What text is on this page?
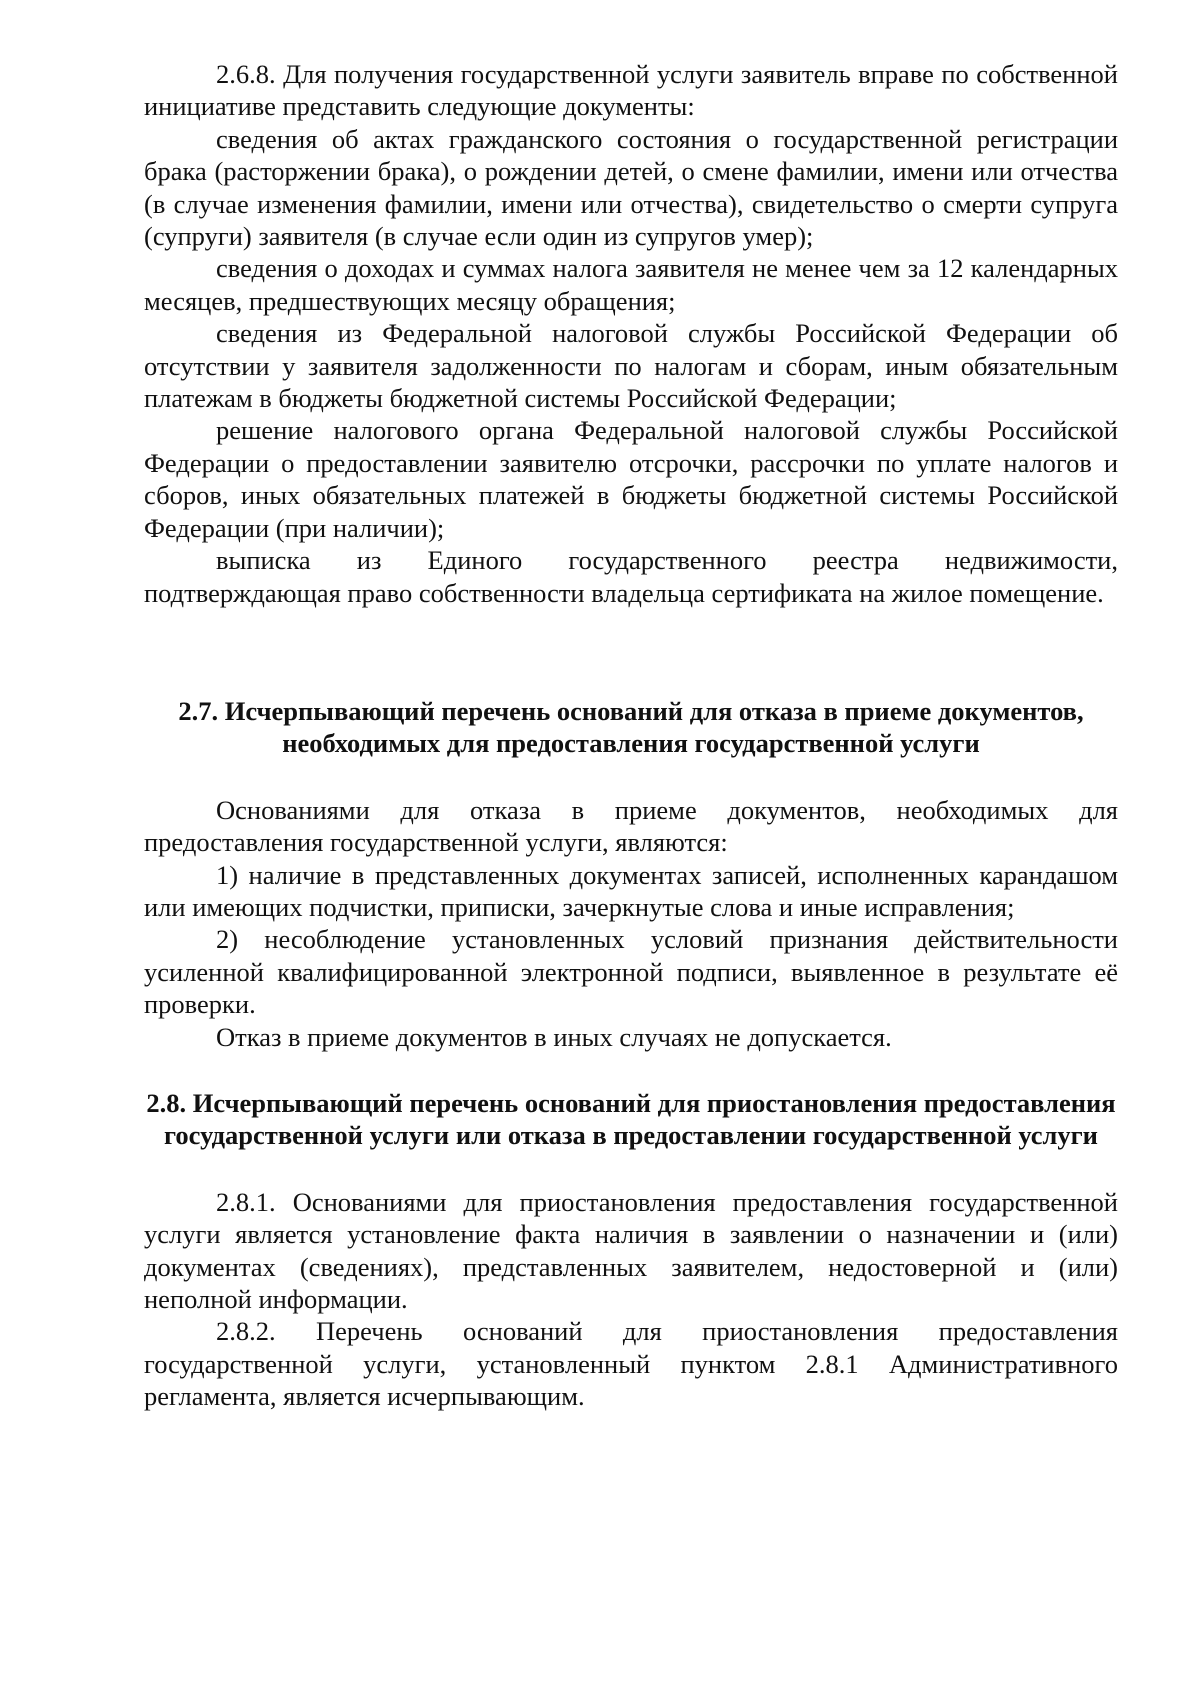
2.6.8. Для получения государственной услуги заявитель вправе по собственной инициативе представить следующие документы:

сведения об актах гражданского состояния о государственной регистрации брака (расторжении брака), о рождении детей, о смене фамилии, имени или отчества (в случае изменения фамилии, имени или отчества), свидетельство о смерти супруга (супруги) заявителя (в случае если один из супругов умер);

сведения о доходах и суммах налога заявителя не менее чем за 12 календарных месяцев, предшествующих месяцу обращения;

сведения из Федеральной налоговой службы Российской Федерации об отсутствии у заявителя задолженности по налогам и сборам, иным обязательным платежам в бюджеты бюджетной системы Российской Федерации;

решение налогового органа Федеральной налоговой службы Российской Федерации о предоставлении заявителю отсрочки, рассрочки по уплате налогов и сборов, иных обязательных платежей в бюджеты бюджетной системы Российской Федерации (при наличии);

выписка из Единого государственного реестра недвижимости, подтверждающая право собственности владельца сертификата на жилое помещение.

2.7. Исчерпывающий перечень оснований для отказа в приеме документов, необходимых для предоставления государственной услуги

Основаниями для отказа в приеме документов, необходимых для предоставления государственной услуги, являются:

1) наличие в представленных документах записей, исполненных карандашом или имеющих подчистки, приписки, зачеркнутые слова и иные исправления;

2) несоблюдение установленных условий признания действительности усиленной квалифицированной электронной подписи, выявленное в результате её проверки.

Отказ в приеме документов в иных случаях не допускается.

2.8. Исчерпывающий перечень оснований для приостановления предоставления государственной услуги или отказа в предоставлении государственной услуги

2.8.1. Основаниями для приостановления предоставления государственной услуги является установление факта наличия в заявлении о назначении и (или) документах (сведениях), представленных заявителем, недостоверной и (или) неполной информации.

2.8.2. Перечень оснований для приостановления предоставления государственной услуги, установленный пунктом 2.8.1 Административного регламента, является исчерпывающим.
